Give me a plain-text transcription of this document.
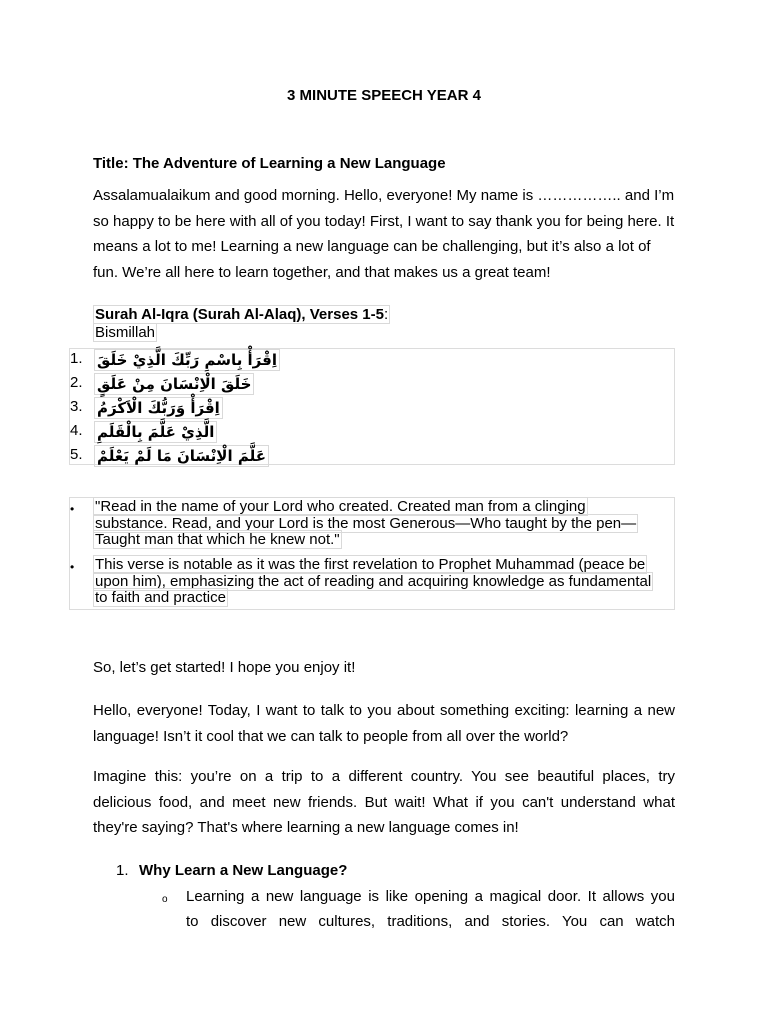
3 MINUTE SPEECH YEAR 4
Title: The Adventure of Learning a New Language
Assalamualaikum and good morning. Hello, everyone! My name is …………….. and I’m so happy to be here with all of you today! First, I want to say thank you for being here. It means a lot to me! Learning a new language can be challenging, but it’s also a lot of fun. We’re all here to learn together, and that makes us a great team!
Surah Al-Iqra (Surah Al-Alaq), Verses 1-5:
Bismillah
1. اِقْرَأْ بِاسْمِ رَبِّكَ الَّذِيْ خَلَقَ
2. خَلَقَ الْاِنْسَانَ مِنْ عَلَقٍ
3. اِقْرَأْ وَرَبُّكَ الْاَكْرَمُ
4. الَّذِيْ عَلَّمَ بِالْقَلَمِ
5. عَلَّمَ الْاِنْسَانَ مَا لَمْ يَعْلَمْ
• "Read in the name of your Lord who created. Created man from a clinging
substance. Read, and your Lord is the most Generous—Who taught by the pen—
Taught man that which he knew not."
• This verse is notable as it was the first revelation to Prophet Muhammad (peace be
upon him), emphasizing the act of reading and acquiring knowledge as fundamental
to faith and practice
So, let’s get started! I hope you enjoy it!
Hello, everyone! Today, I want to talk to you about something exciting: learning a new language! Isn’t it cool that we can talk to people from all over the world?
Imagine this: you’re on a trip to a different country. You see beautiful places, try delicious food, and meet new friends. But wait! What if you can't understand what they're saying? That's where learning a new language comes in!
1. Why Learn a New Language?
o Learning a new language is like opening a magical door. It allows you
to discover new cultures, traditions, and stories. You can watch
